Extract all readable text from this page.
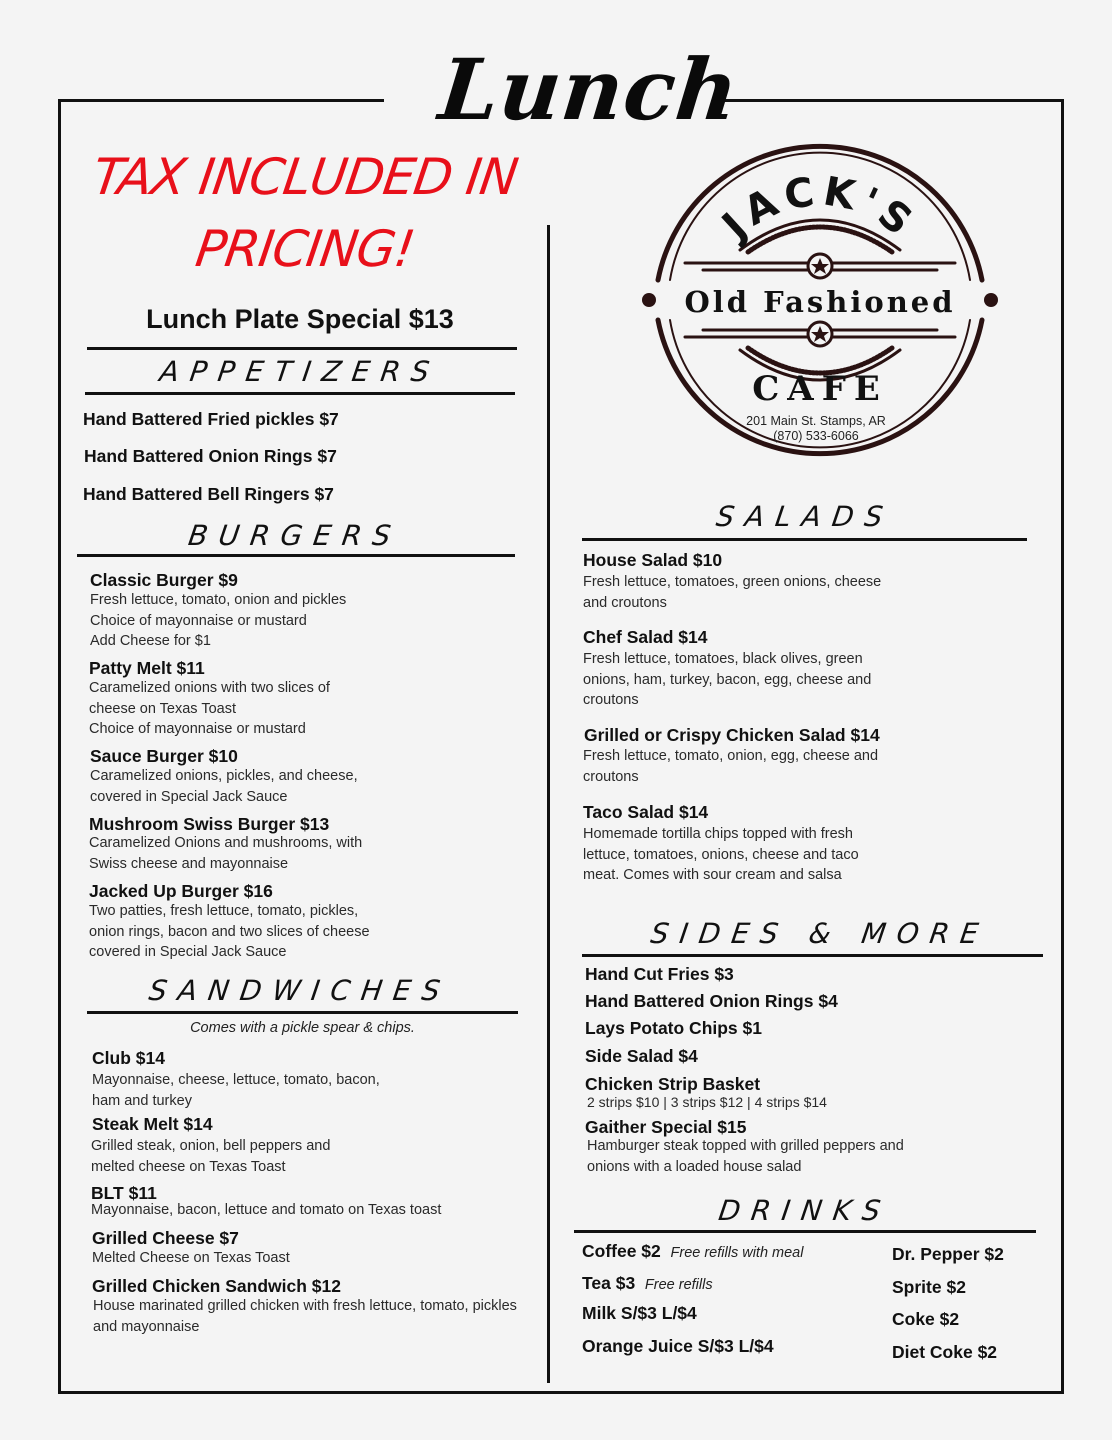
Lunch
TAX INCLUDED IN
PRICING!
Lunch Plate Special $13
JACK'S
Old Fashioned
CAFE
201 Main St. Stamps, AR
(870) 533-6066
APPETIZERS
Hand Battered Fried pickles $7
Hand Battered Onion Rings $7
Hand Battered Bell Ringers $7
BURGERS
Classic Burger $9
Fresh lettuce, tomato, onion and pickles
Choice of mayonnaise or mustard
Add Cheese for $1
Patty Melt $11
Caramelized onions with two slices of
cheese on Texas Toast
Choice of mayonnaise or mustard
Sauce Burger $10
Caramelized onions, pickles, and cheese,
covered in Special Jack Sauce
Mushroom Swiss Burger $13
Caramelized Onions and mushrooms, with
Swiss cheese and mayonnaise
Jacked Up Burger $16
Two patties, fresh lettuce, tomato, pickles,
onion rings, bacon and two slices of cheese
covered in Special Jack Sauce
SANDWICHES
Comes with a pickle spear & chips.
Club $14
Mayonnaise, cheese, lettuce, tomato, bacon,
ham and turkey
Steak Melt $14
Grilled steak, onion, bell peppers and
melted cheese on Texas Toast
BLT $11
Mayonnaise, bacon, lettuce and tomato on Texas toast
Grilled Cheese $7
Melted Cheese on Texas Toast
Grilled Chicken Sandwich $12
House marinated grilled chicken with fresh lettuce, tomato, pickles
and mayonnaise
SALADS
House Salad $10
Fresh lettuce, tomatoes, green onions, cheese
and croutons
Chef Salad $14
Fresh lettuce, tomatoes, black olives, green
onions, ham, turkey, bacon, egg, cheese and
croutons
Grilled or Crispy Chicken Salad $14
Fresh lettuce, tomato, onion, egg, cheese and
croutons
Taco Salad $14
Homemade tortilla chips topped with fresh
lettuce, tomatoes, onions, cheese and taco
meat. Comes with sour cream and salsa
SIDES & MORE
Hand Cut Fries $3
Hand Battered Onion Rings $4
Lays Potato Chips $1
Side Salad $4
Chicken Strip Basket
2 strips $10 | 3 strips $12 | 4 strips $14
Gaither Special $15
Hamburger steak topped with grilled peppers and
onions with a loaded house salad
DRINKS
Coffee $2 Free refills with meal
Tea $3 Free refills
Milk S/$3 L/$4
Orange Juice S/$3 L/$4
Dr. Pepper $2
Sprite $2
Coke $2
Diet Coke $2
